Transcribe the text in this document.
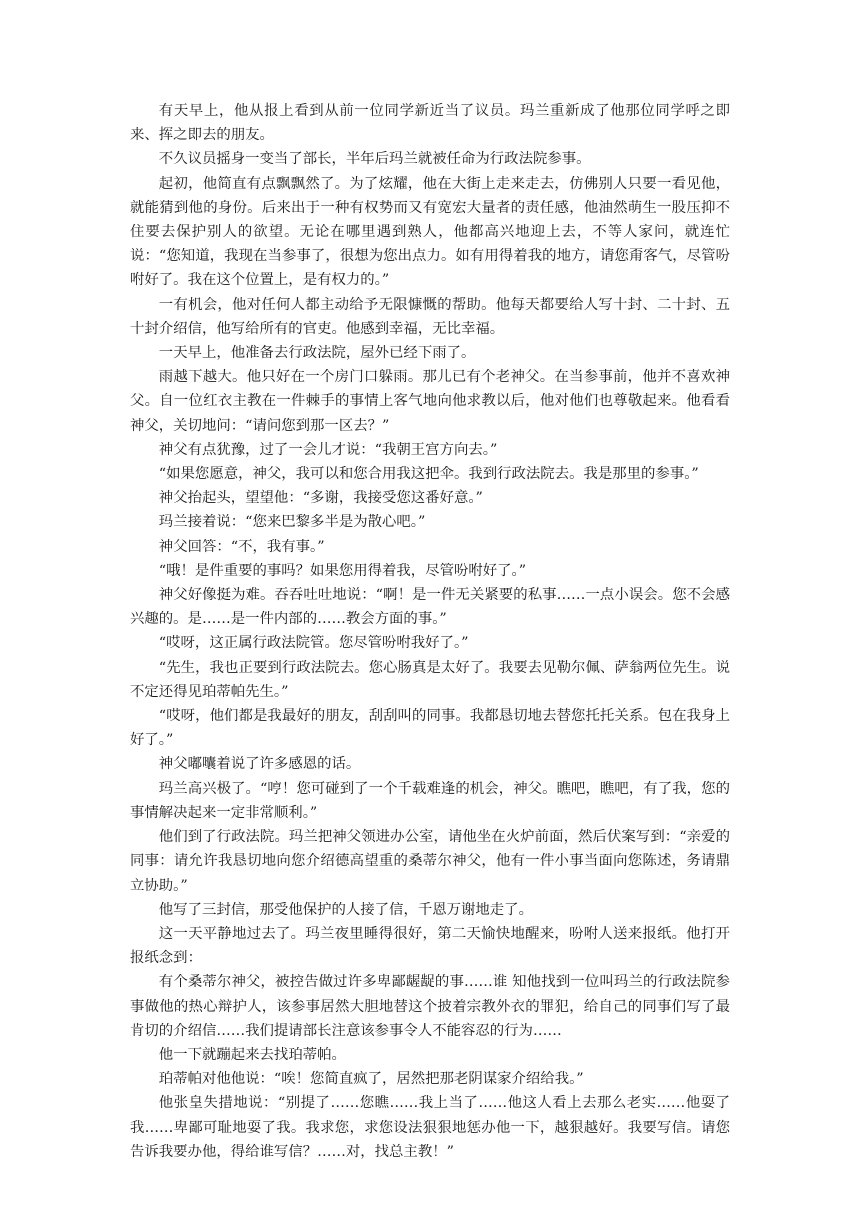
有天早上，他从报上看到从前一位同学新近当了议员。玛兰重新成了他那位同学呼之即来、挥之即去的朋友。

不久议员摇身一变当了部长，半年后玛兰就被任命为行政法院参事。

起初，他简直有点飘飘然了。为了炫耀，他在大街上走来走去，仿佛别人只要一看见他，就能猜到他的身份。后来出于一种有权势而又有宽宏大量者的责任感，他油然萌生一股压抑不住要去保护别人的欲望。无论在哪里遇到熟人，他都高兴地迎上去，不等人家问，就连忙说：“您知道，我现在当参事了，很想为您出点力。如有用得着我的地方，请您甭客气，尽管吩咐好了。我在这个位置上，是有权力的。”

一有机会，他对任何人都主动给予无限慷慨的帮助。他每天都要给人写十封、二十封、五十封介绍信，他写给所有的官吏。他感到幸福，无比幸福。

一天早上，他准备去行政法院，屋外已经下雨了。

雨越下越大。他只好在一个房门口躲雨。那儿已有个老神父。在当参事前，他并不喜欢神父。自一位红衣主教在一件棘手的事情上客气地向他求教以后，他对他们也尊敬起来。他看看神父，关切地问：“请问您到那一区去？”

神父有点犹豫，过了一会儿才说：“我朝王宫方向去。”

“如果您愿意，神父，我可以和您合用我这把伞。我到行政法院去。我是那里的参事。”

神父抬起头，望望他：“多谢，我接受您这番好意。”

玛兰接着说：“您来巴黎多半是为散心吧。”

神父回答：“不，我有事。”

“哦！是件重要的事吗？如果您用得着我，尽管吩咐好了。”

神父好像挺为难。吞吞吐吐地说：“啊！是一件无关紧要的私事……一点小误会。您不会感兴趣的。是……是一件内部的……教会方面的事。”

“哎呀，这正属行政法院管。您尽管吩咐我好了。”

“先生，我也正要到行政法院去。您心肠真是太好了。我要去见勒尔佩、萨翁两位先生。说不定还得见珀蒂帕先生。”

“哎呀，他们都是我最好的朋友，刮刮叫的同事。我都恳切地去替您托托关系。包在我身上好了。”

神父嘟囔着说了许多感恩的话。

玛兰高兴极了。“哼！您可碰到了一个千载难逢的机会，神父。瞧吧，瞧吧，有了我，您的事情解决起来一定非常顺利。”

他们到了行政法院。玛兰把神父领进办公室，请他坐在火炉前面，然后伏案写到：“亲爱的同事：请允许我恳切地向您介绍德高望重的桑蒂尔神父，他有一件小事当面向您陈述，务请鼎立协助。”

他写了三封信，那受他保护的人接了信，千恩万谢地走了。

这一天平静地过去了。玛兰夜里睡得很好，第二天愉快地醒来，吩咐人送来报纸。他打开报纸念到：

有个桑蒂尔神父，被控告做过许多卑鄙龌龊的事……谁 知他找到一位叫玛兰的行政法院参事做他的热心辩护人，该参事居然大胆地替这个披着宗教外衣的罪犯，给自己的同事们写了最肯切的介绍信……我们提请部长注意该参事令人不能容忍的行为……

他一下就蹦起来去找珀蒂帕。

珀蒂帕对他他说：“唉！您简直疯了，居然把那老阴谋家介绍给我。”

他张皇失措地说：“别提了……您瞧……我上当了……他这人看上去那么老实……他耍了我……卑鄙可耻地耍了我。我求您，求您设法狠狠地惩办他一下，越狠越好。我要写信。请您告诉我要办他，得给谁写信？……对，找总主教！”
